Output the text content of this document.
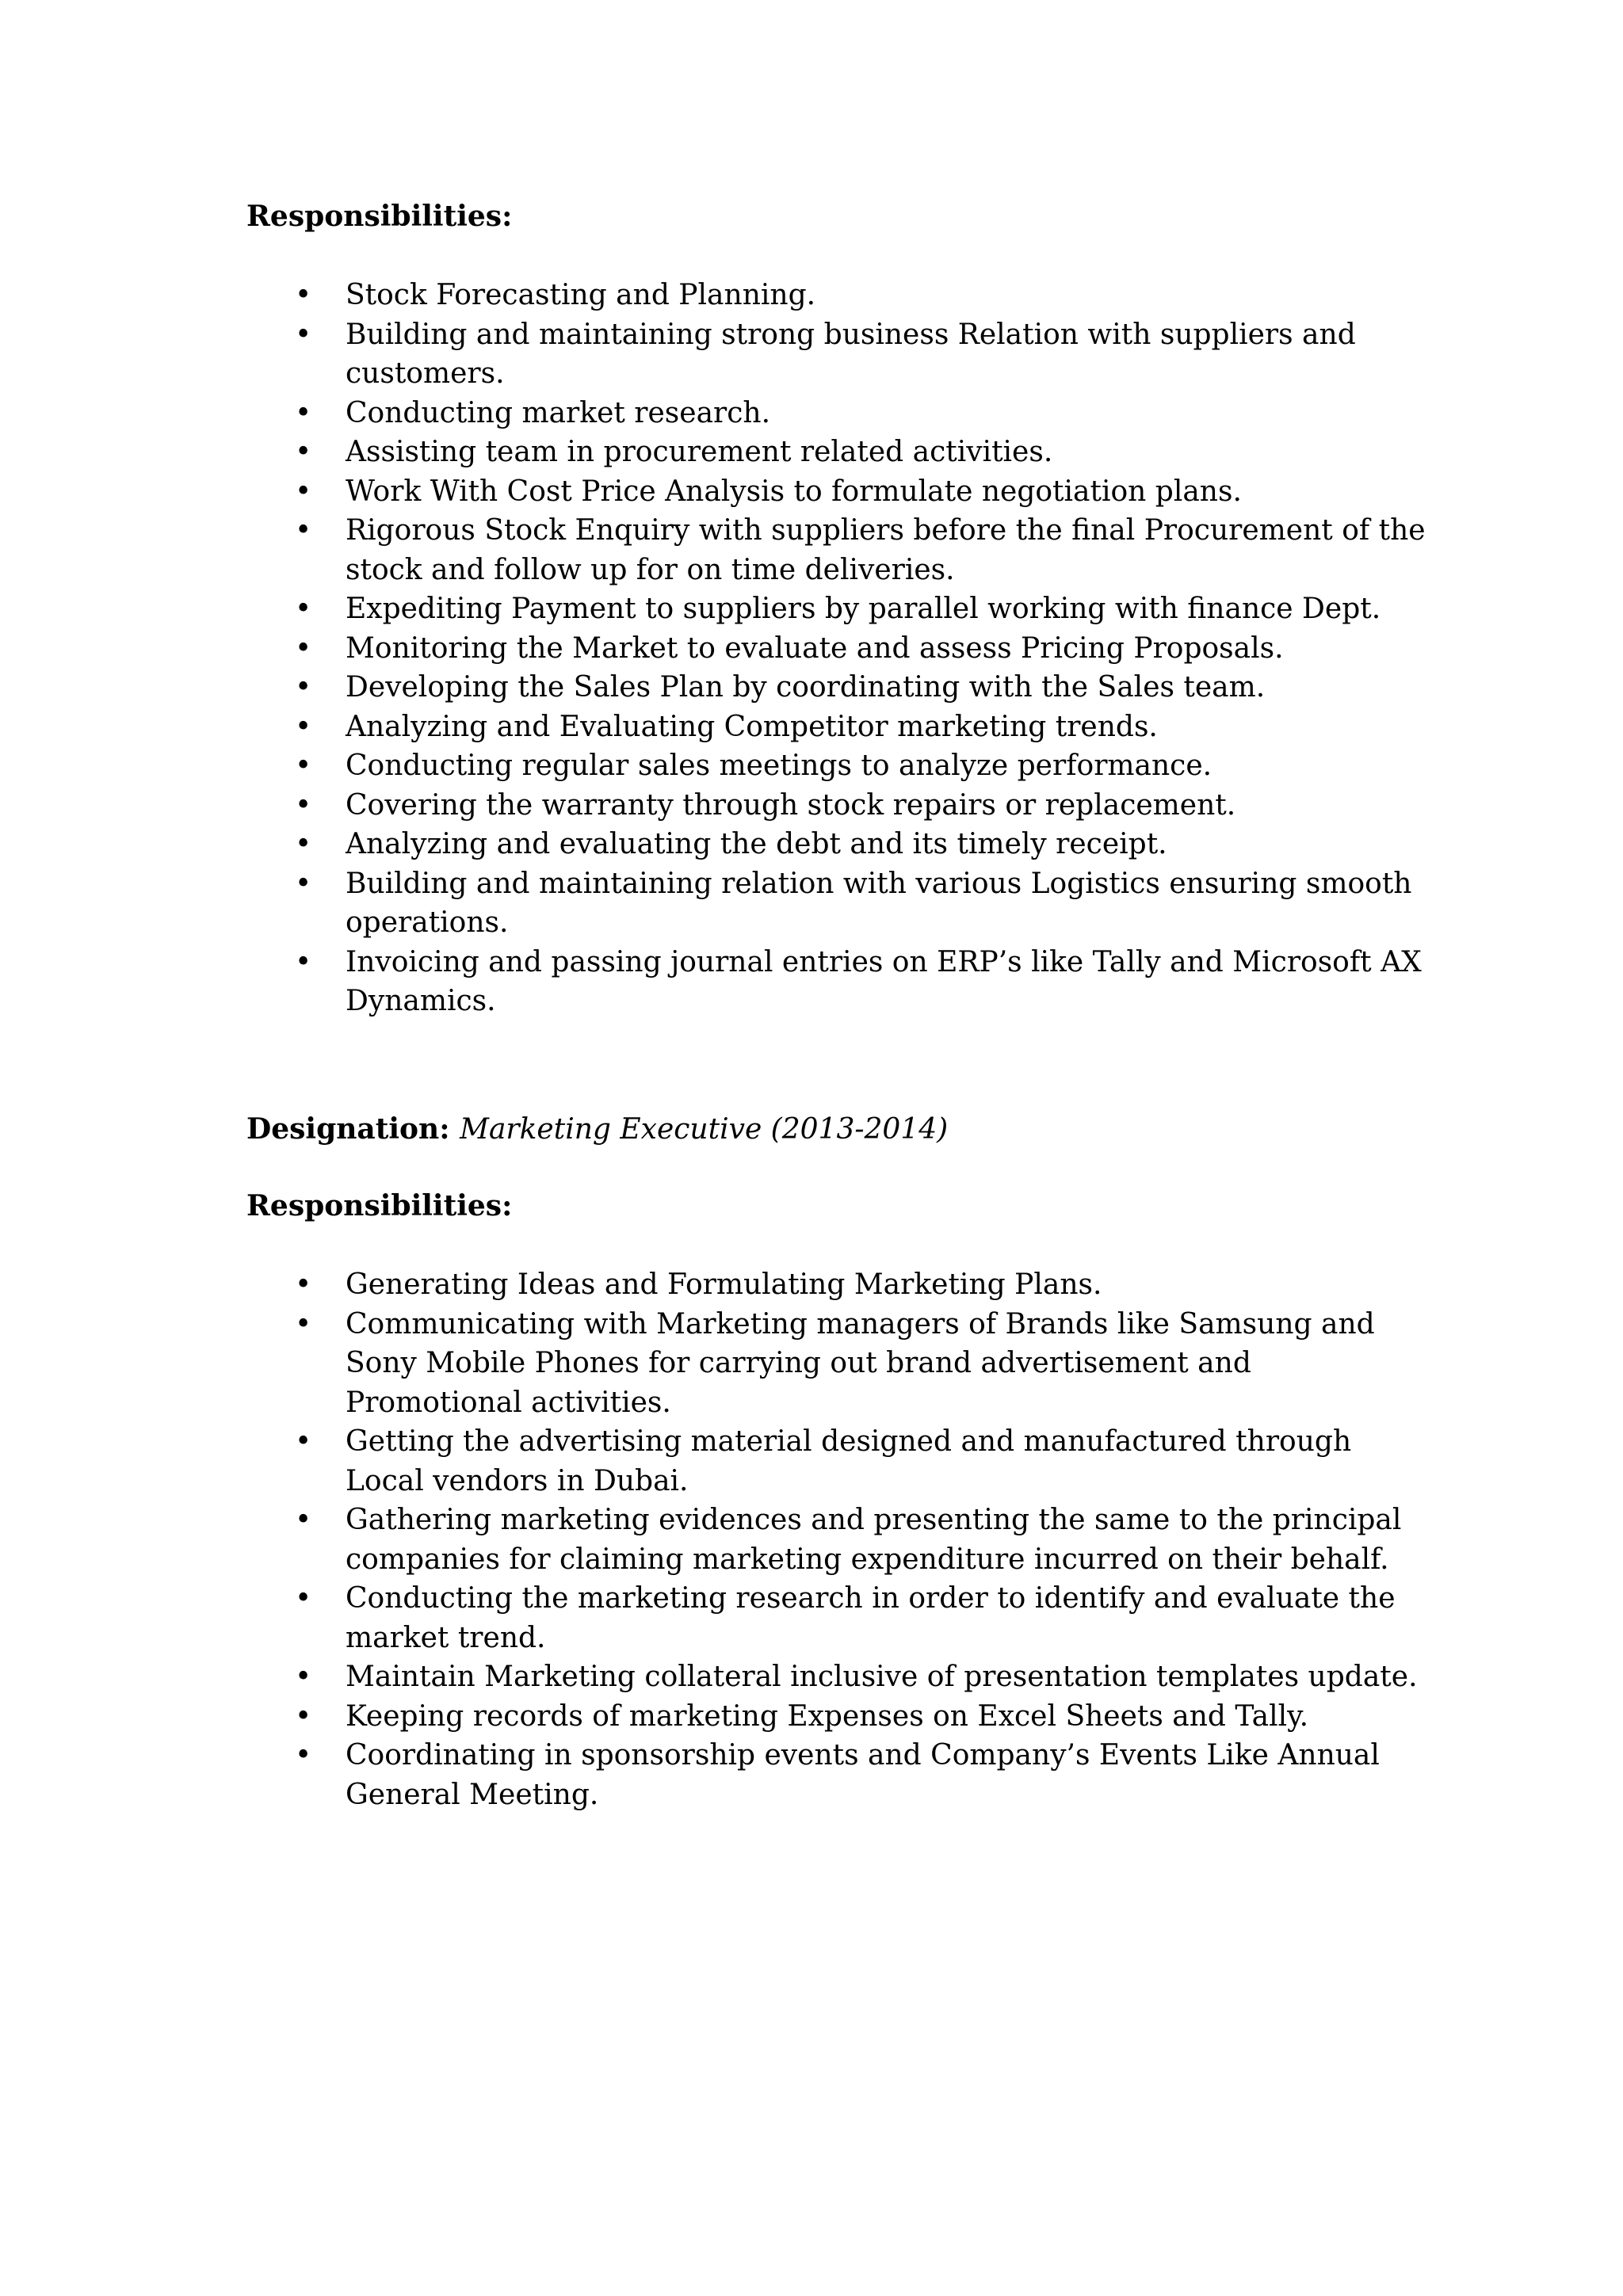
Responsibilities:
• Stock Forecasting and Planning.
• Building and maintaining strong business Relation with suppliers and customers.
• Conducting market research.
• Assisting team in procurement related activities.
• Work With Cost Price Analysis to formulate negotiation plans.
• Rigorous Stock Enquiry with suppliers before the final Procurement of the stock and follow up for on time deliveries.
• Expediting Payment to suppliers by parallel working with finance Dept.
• Monitoring the Market to evaluate and assess Pricing Proposals.
• Developing the Sales Plan by coordinating with the Sales team.
• Analyzing and Evaluating Competitor marketing trends.
• Conducting regular sales meetings to analyze performance.
• Covering the warranty through stock repairs or replacement.
• Analyzing and evaluating the debt and its timely receipt.
• Building and maintaining relation with various Logistics ensuring smooth operations.
• Invoicing and passing journal entries on ERP’s like Tally and Microsoft AX Dynamics.
Designation: Marketing Executive (2013-2014)
Responsibilities:
• Generating Ideas and Formulating Marketing Plans.
• Communicating with Marketing managers of Brands like Samsung and Sony Mobile Phones for carrying out brand advertisement and Promotional activities.
• Getting the advertising material designed and manufactured through Local vendors in Dubai.
• Gathering marketing evidences and presenting the same to the principal companies for claiming marketing expenditure incurred on their behalf.
• Conducting the marketing research in order to identify and evaluate the market trend.
• Maintain Marketing collateral inclusive of presentation templates update.
• Keeping records of marketing Expenses on Excel Sheets and Tally.
• Coordinating in sponsorship events and Company’s Events Like Annual General Meeting.
